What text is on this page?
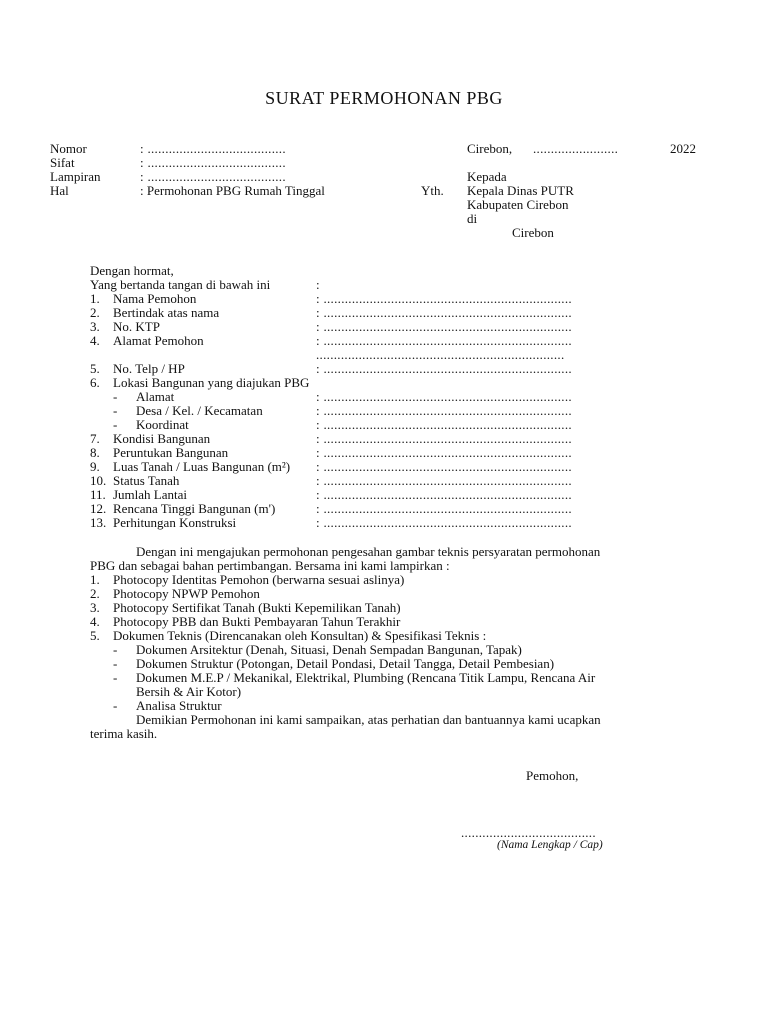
SURAT PERMOHONAN PBG
Nomor	: .......................................
Sifat	: .......................................
Lampiran	: .......................................
Hal	: Permohonan PBG Rumah Tinggal	Yth.
Cirebon, ........................	2022
Kepada
Kepala Dinas PUTR
Kabupaten Cirebon
di
Cirebon
Dengan hormat,
Yang bertanda tangan di bawah ini	:
1. Nama Pemohon	: ......................................................................
2. Bertindak atas nama	: ......................................................................
3. No. KTP	: ......................................................................
4. Alamat Pemohon	: ......................................................................
......................................................................
5. No. Telp / HP	: ......................................................................
6. Lokasi Bangunan yang diajukan PBG
- Alamat	: ......................................................................
- Desa / Kel. / Kecamatan	: ......................................................................
- Koordinat	: ......................................................................
7. Kondisi Bangunan	: ......................................................................
8. Peruntukan Bangunan	: ......................................................................
9. Luas Tanah / Luas Bangunan (m²) : ......................................................................
10. Status Tanah	: ......................................................................
11. Jumlah Lantai	: ......................................................................
12. Rencana Tinggi Bangunan (m')	: ......................................................................
13. Perhitungan Konstruksi	: ......................................................................
Dengan ini mengajukan permohonan pengesahan gambar teknis persyaratan permohonan
PBG dan sebagai bahan pertimbangan. Bersama ini kami lampirkan :
1. Photocopy Identitas Pemohon (berwarna sesuai aslinya)
2. Photocopy NPWP Pemohon
3. Photocopy Sertifikat Tanah (Bukti Kepemilikan Tanah)
4. Photocopy PBB dan Bukti Pembayaran Tahun Terakhir
5. Dokumen Teknis (Direncanakan oleh Konsultan) & Spesifikasi Teknis :
- Dokumen Arsitektur (Denah, Situasi, Denah Sempadan Bangunan, Tapak)
- Dokumen Struktur (Potongan, Detail Pondasi, Detail Tangga, Detail Pembesian)
- Dokumen M.E.P / Mekanikal, Elektrikal, Plumbing (Rencana Titik Lampu, Rencana Air
Bersih & Air Kotor)
- Analisa Struktur
Demikian Permohonan ini kami sampaikan, atas perhatian dan bantuannya kami ucapkan
terima kasih.
Pemohon,
......................................
(Nama Lengkap / Cap)
